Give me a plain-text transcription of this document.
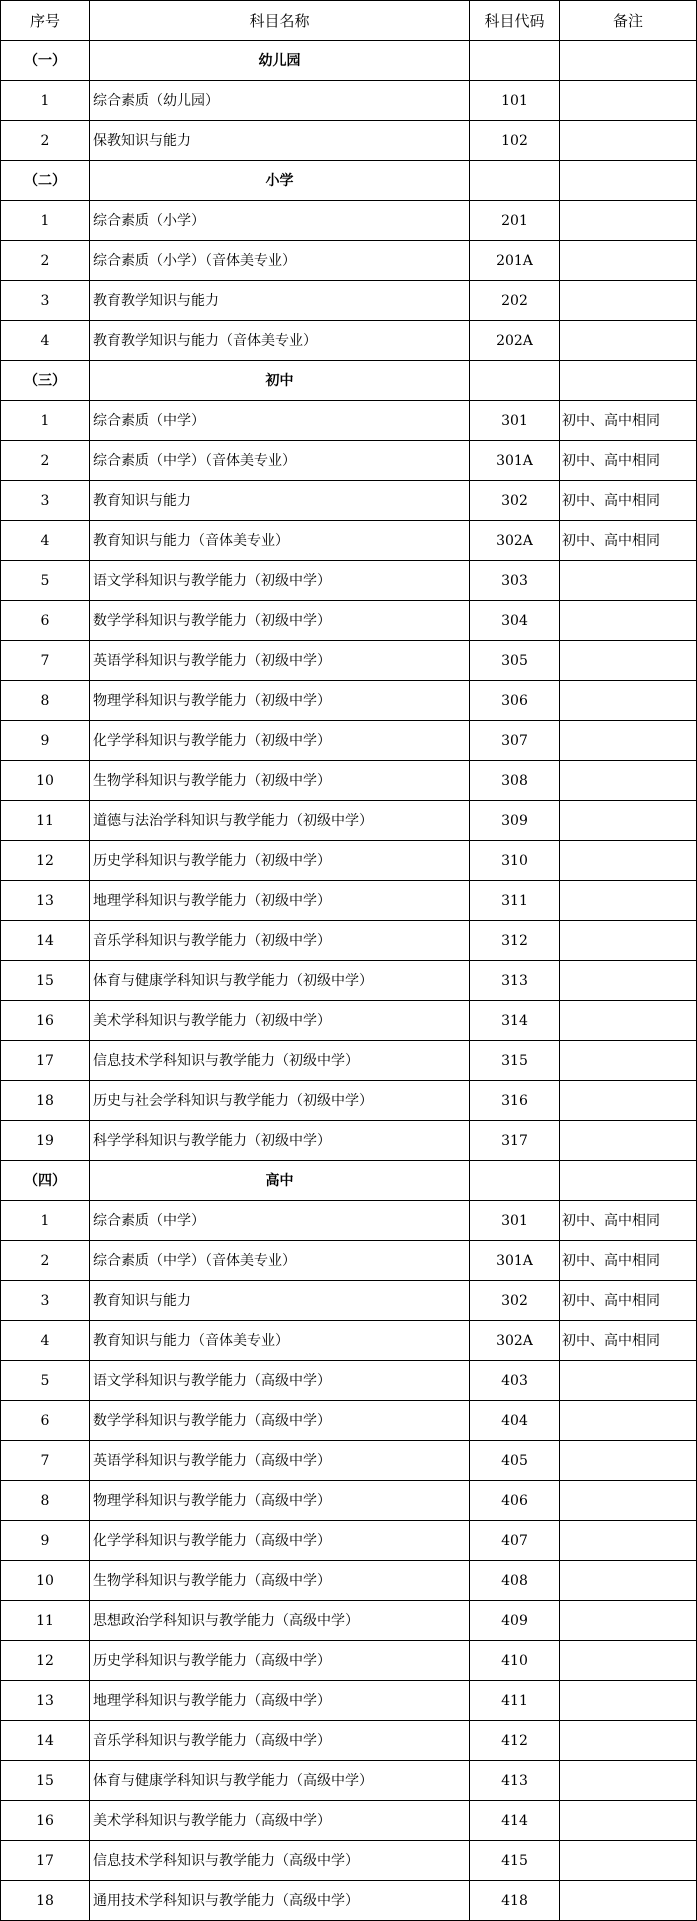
序号	科目名称	科目代码	备注
（一）	幼儿园		
1	综合素质（幼儿园）	101	
2	保教知识与能力	102	
（二）	小学		
1	综合素质（小学）	201	
2	综合素质（小学）（音体美专业）	201A	
3	教育教学知识与能力	202	
4	教育教学知识与能力（音体美专业）	202A	
（三）	初中		
1	综合素质（中学）	301	初中、高中相同
2	综合素质（中学）（音体美专业）	301A	初中、高中相同
3	教育知识与能力	302	初中、高中相同
4	教育知识与能力（音体美专业）	302A	初中、高中相同
5	语文学科知识与教学能力（初级中学）	303	
6	数学学科知识与教学能力（初级中学）	304	
7	英语学科知识与教学能力（初级中学）	305	
8	物理学科知识与教学能力（初级中学）	306	
9	化学学科知识与教学能力（初级中学）	307	
10	生物学科知识与教学能力（初级中学）	308	
11	道德与法治学科知识与教学能力（初级中学）	309	
12	历史学科知识与教学能力（初级中学）	310	
13	地理学科知识与教学能力（初级中学）	311	
14	音乐学科知识与教学能力（初级中学）	312	
15	体育与健康学科知识与教学能力（初级中学）	313	
16	美术学科知识与教学能力（初级中学）	314	
17	信息技术学科知识与教学能力（初级中学）	315	
18	历史与社会学科知识与教学能力（初级中学）	316	
19	科学学科知识与教学能力（初级中学）	317	
（四）	高中		
1	综合素质（中学）	301	初中、高中相同
2	综合素质（中学）（音体美专业）	301A	初中、高中相同
3	教育知识与能力	302	初中、高中相同
4	教育知识与能力（音体美专业）	302A	初中、高中相同
5	语文学科知识与教学能力（高级中学）	403	
6	数学学科知识与教学能力（高级中学）	404	
7	英语学科知识与教学能力（高级中学）	405	
8	物理学科知识与教学能力（高级中学）	406	
9	化学学科知识与教学能力（高级中学）	407	
10	生物学科知识与教学能力（高级中学）	408	
11	思想政治学科知识与教学能力（高级中学）	409	
12	历史学科知识与教学能力（高级中学）	410	
13	地理学科知识与教学能力（高级中学）	411	
14	音乐学科知识与教学能力（高级中学）	412	
15	体育与健康学科知识与教学能力（高级中学）	413	
16	美术学科知识与教学能力（高级中学）	414	
17	信息技术学科知识与教学能力（高级中学）	415	
18	通用技术学科知识与教学能力（高级中学）	418	
